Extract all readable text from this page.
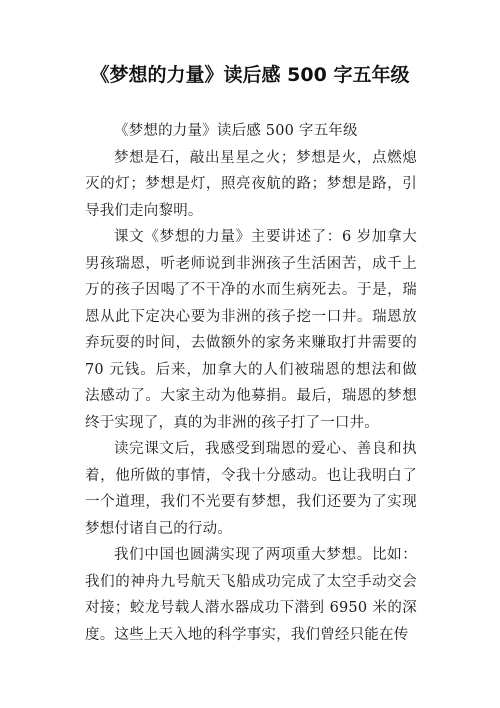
《梦想的力量》读后感 500 字五年级

《梦想的力量》读后感 500 字五年级

梦想是石，敲出星星之火；梦想是火，点燃熄灭的灯；梦想是灯，照亮夜航的路；梦想是路，引导我们走向黎明。

课文《梦想的力量》主要讲述了：6 岁加拿大男孩瑞恩，听老师说到非洲孩子生活困苦，成千上万的孩子因喝了不干净的水而生病死去。于是，瑞恩从此下定决心要为非洲的孩子挖一口井。瑞恩放弃玩耍的时间，去做额外的家务来赚取打井需要的 70 元钱。后来，加拿大的人们被瑞恩的想法和做法感动了。大家主动为他募捐。最后，瑞恩的梦想终于实现了，真的为非洲的孩子打了一口井。

读完课文后，我感受到瑞恩的爱心、善良和执着，他所做的事情，令我十分感动。也让我明白了一个道理，我们不光要有梦想，我们还要为了实现梦想付诸自己的行动。

我们中国也圆满实现了两项重大梦想。比如：我们的神舟九号航天飞船成功完成了太空手动交会对接；蛟龙号载人潜水器成功下潜到 6950 米的深度。这些上天入地的科学事实，我们曾经只能在传
